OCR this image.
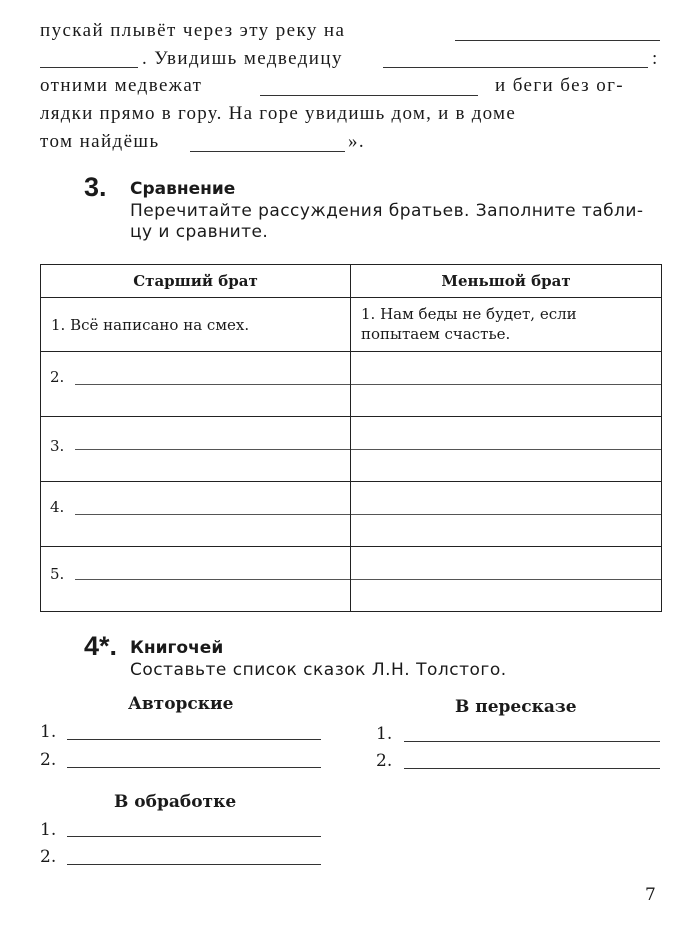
пускай плывёт через эту реку на
. Увидишь медведицу	:
отними медвежат	и беги без ог-
лядки прямо в гору. На горе увидишь дом, и в доме
том найдёшь	».
3. Сравнение
Перечитайте рассуждения братьев. Заполните табли-
цу и сравните.
Старший брат	Меньшой брат

1. Всё написано на смех.	1. Нам беды не будет, если
попытаем счастье.

2.	

3.	

4.	

5.	

4*. Книгочей
Составьте список сказок Л.Н. Толстого.
Авторские
1.
2.
В пересказе
1.
2.
В обработке
1.
2.
7
